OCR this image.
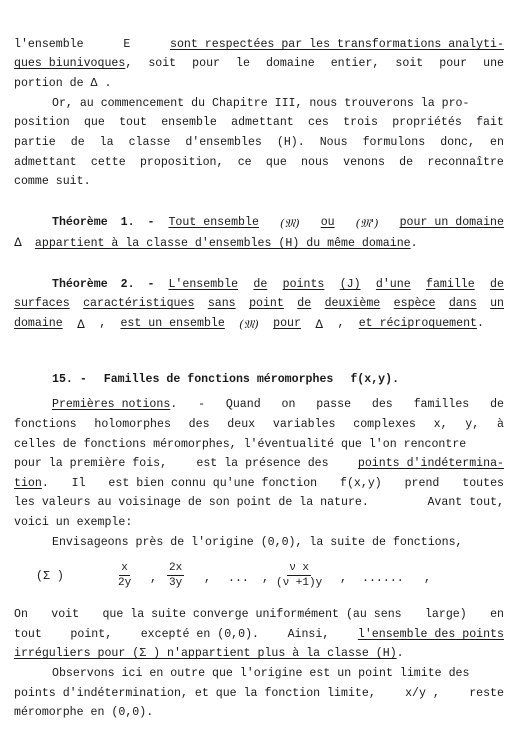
l'ensemble	E	sont respectées par les transformations analyti-
ques biunivoques, soit pour le domaine entier, soit pour une
portion de Δ .
Or, au commencement du Chapitre III, nous trouverons la pro-
position que tout ensemble admettant ces trois propriétés fait
partie de la classe d'ensembles (H). Nous formulons donc, en
admettant cette proposition, ce que nous venons de reconnaître
comme suit.
Théorème 1. - Tout ensemble (𝔐) ou (𝔐') pour un domaine
Δ appartient à la classe d'ensembles (H) du même domaine.
Théorème 2. - L'ensemble de points (J) d'une famille de
surfaces caractéristiques sans point de deuxième espèce dans un
domaine Δ , est un ensemble (𝔐) pour Δ , et réciproquement.
15. - Familles de fonctions méromorphes f(x,y).
Premières notions. - Quand on passe des familles de
fonctions holomorphes des deux variables complexes x, y, à
celles de fonctions méromorphes, l'éventualité que l'on rencontre
pour la première fois,	est la présence des	points d'indétermina-
tion. Il est bien connu qu'une fonction f(x,y) prend toutes
les valeurs au voisinage de son point de la nature.	Avant tout,
voici un exemple:
Envisageons près de l'origine (0,0), la suite de fonctions,
(Σ )	$\frac{x}{2y}$ , $\frac{2x}{3y}$ , ... , $\frac{\text{ν x}}{(\nu +1)y}$ , ...... ,
On voit que la suite converge uniformément (au sens large) en
tout point, excepté en (0,0). Ainsi, l'ensemble des points
irréguliers pour (Σ ) n'appartient plus à la classe (H).
Observons ici en outre que l'origine est un point limite des
points d'indétermination, et que la fonction limite,	x/y ,	reste
méromorphe en (0,0).
